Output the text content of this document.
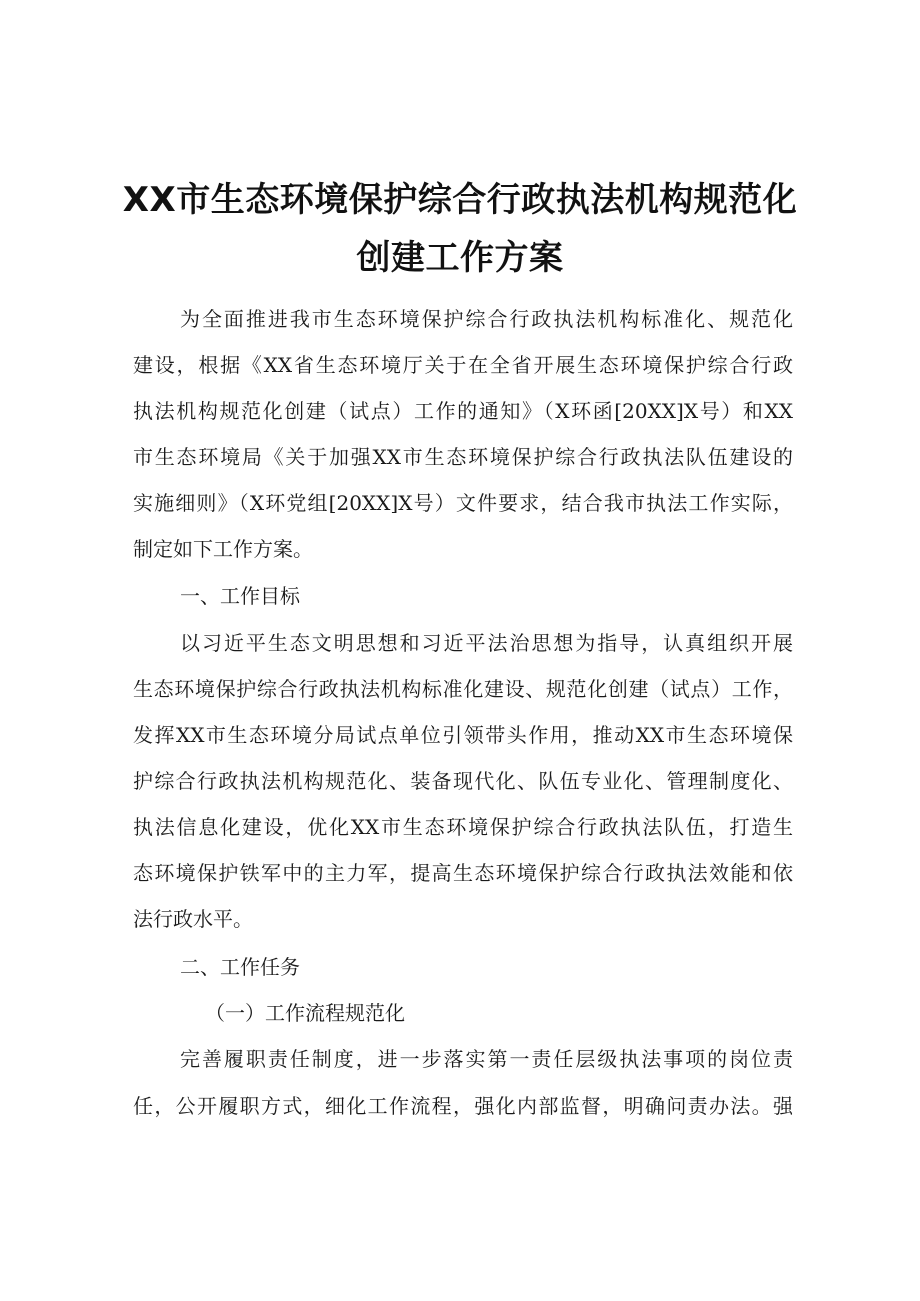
XX市生态环境保护综合行政执法机构规范化
创建工作方案
为全面推进我市生态环境保护综合行政执法机构标准化、规范化
建设，根据《XX省生态环境厅关于在全省开展生态环境保护综合行政
执法机构规范化创建（试点）工作的通知》（X环函[20XX]X号）和XX
市生态环境局《关于加强XX市生态环境保护综合行政执法队伍建设的
实施细则》（X环党组[20XX]X号）文件要求，结合我市执法工作实际，
制定如下工作方案。
一、工作目标
以习近平生态文明思想和习近平法治思想为指导，认真组织开展
生态环境保护综合行政执法机构标准化建设、规范化创建（试点）工作，
发挥XX市生态环境分局试点单位引领带头作用，推动XX市生态环境保
护综合行政执法机构规范化、装备现代化、队伍专业化、管理制度化、
执法信息化建设，优化XX市生态环境保护综合行政执法队伍，打造生
态环境保护铁军中的主力军，提高生态环境保护综合行政执法效能和依
法行政水平。
二、工作任务
（一）工作流程规范化
完善履职责任制度，进一步落实第一责任层级执法事项的岗位责
任，公开履职方式，细化工作流程，强化内部监督，明确问责办法。强
